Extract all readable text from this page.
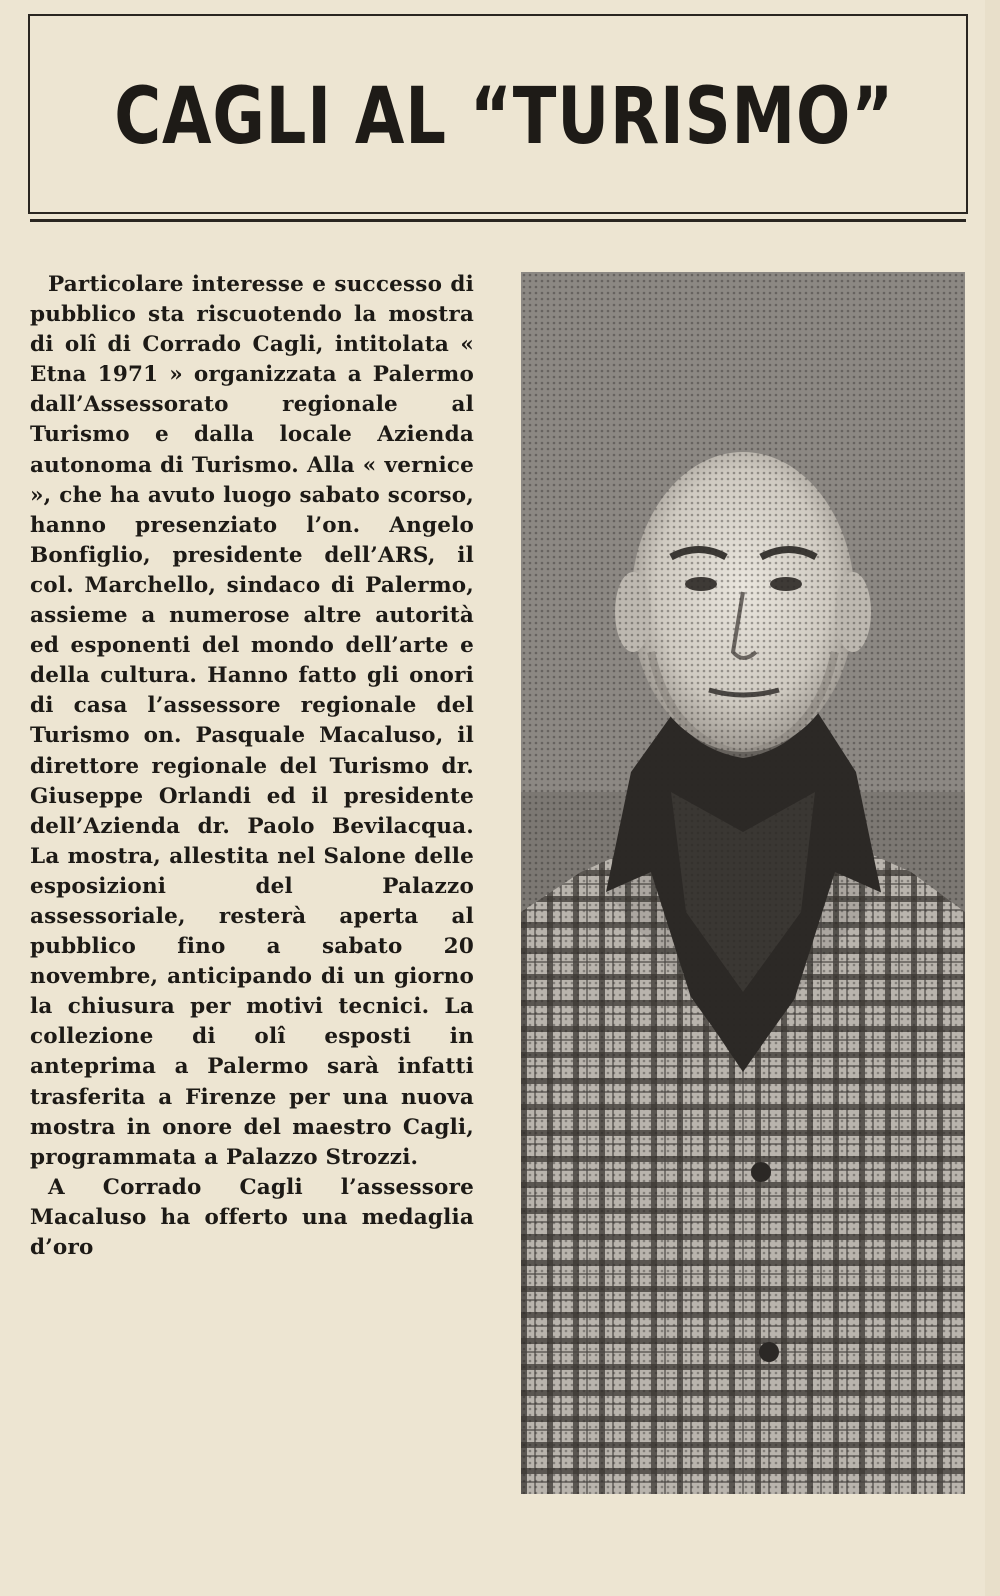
CAGLI AL “TURISMO”

Particolare interesse e successo di pubblico sta riscuotendo la mostra di olî di Corrado Cagli, intitolata « Etna 1971 » organizzata a Palermo dall’Assessorato regionale al Turismo e dalla locale Azienda autonoma di Turismo. Alla « vernice », che ha avuto luogo sabato scorso, hanno presenziato l’on. Angelo Bonfiglio, presidente dell’ARS, il col. Marchello, sindaco di Palermo, assieme a numerose altre autorità ed esponenti del mondo dell’arte e della cultura. Hanno fatto gli onori di casa l’assessore regionale del Turismo on. Pasquale Macaluso, il direttore regionale del Turismo dr. Giuseppe Orlandi ed il presidente dell’Azienda dr. Paolo Bevilacqua. La mostra, allestita nel Salone delle esposizioni del Palazzo assessoriale, resterà aperta al pubblico fino a sabato 20 novembre, anticipando di un giorno la chiusura per motivi tecnici. La collezione di olî esposti in anteprima a Palermo sarà infatti trasferita a Firenze per una nuova mostra in onore del maestro Cagli, programmata a Palazzo Strozzi.

A Corrado Cagli l’assessore Macaluso ha offerto una medaglia d’oro
